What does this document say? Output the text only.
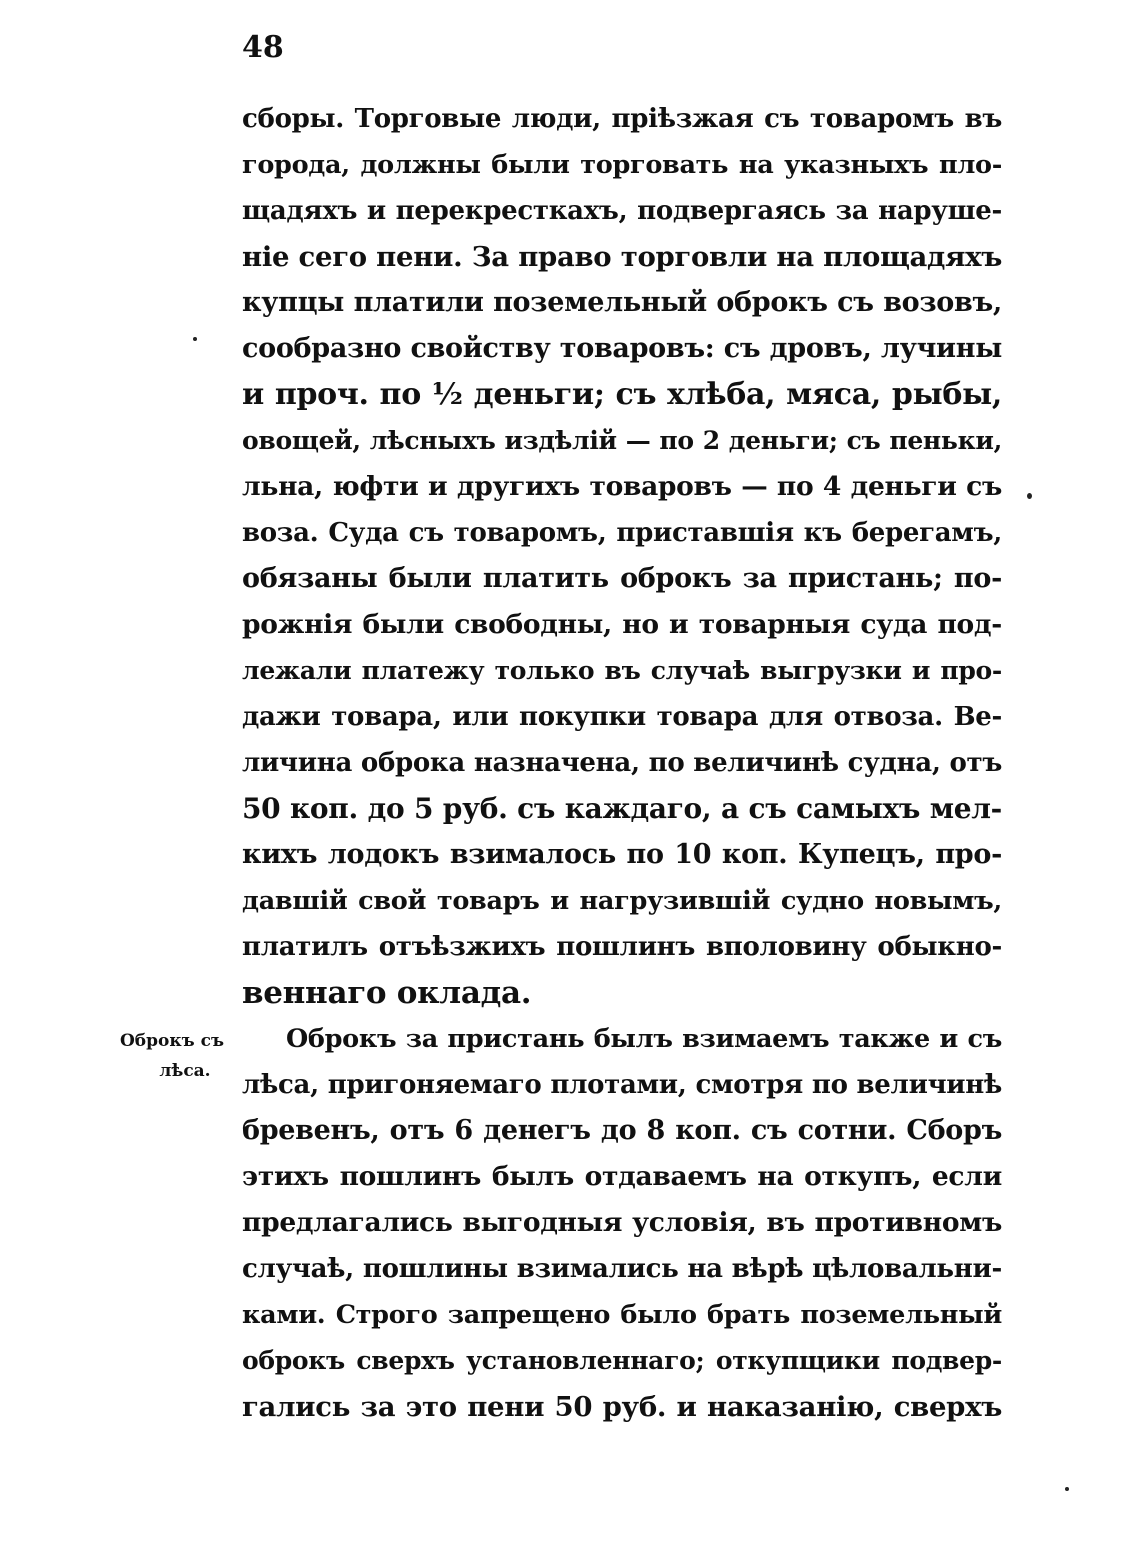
48
Оброкъ съ
лѣса.
сборы. Торговые люди, пріѣзжая съ товаромъ въ
города, должны были торговать на указныхъ пло-
щадяхъ и перекресткахъ, подвергаясь за наруше-
ніе сего пени. За право торговли на площадяхъ
купцы платили поземельный оброкъ съ возовъ,
сообразно свойству товаровъ: съ дровъ, лучины
и проч. по ½ деньги; съ хлѣба, мяса, рыбы,
овощей, лѣсныхъ издѣлій — по 2 деньги; съ пеньки,
льна, юфти и другихъ товаровъ — по 4 деньги съ
воза. Суда съ товаромъ, приставшія къ берегамъ,
обязаны были платить оброкъ за пристань; по-
рожнія были свободны, но и товарныя суда под-
лежали платежу только въ случаѣ выгрузки и про-
дажи товара, или покупки товара для отвоза. Ве-
личина оброка назначена, по величинѣ судна, отъ
50 коп. до 5 руб. съ каждаго, а съ самыхъ мел-
кихъ лодокъ взималось по 10 коп. Купецъ, про-
давшій свой товаръ и нагрузившій судно новымъ,
платилъ отъѣзжихъ пошлинъ вполовину обыкно-
веннаго оклада.
Оброкъ за пристань былъ взимаемъ также и съ
лѣса, пригоняемаго плотами, смотря по величинѣ
бревенъ, отъ 6 денегъ до 8 коп. съ сотни. Сборъ
этихъ пошлинъ былъ отдаваемъ на откупъ, если
предлагались выгодныя условія, въ противномъ
случаѣ, пошлины взимались на вѣрѣ цѣловальни-
ками. Строго запрещено было брать поземельный
оброкъ сверхъ установленнаго; откупщики подвер-
гались за это пени 50 руб. и наказанію, сверхъ
